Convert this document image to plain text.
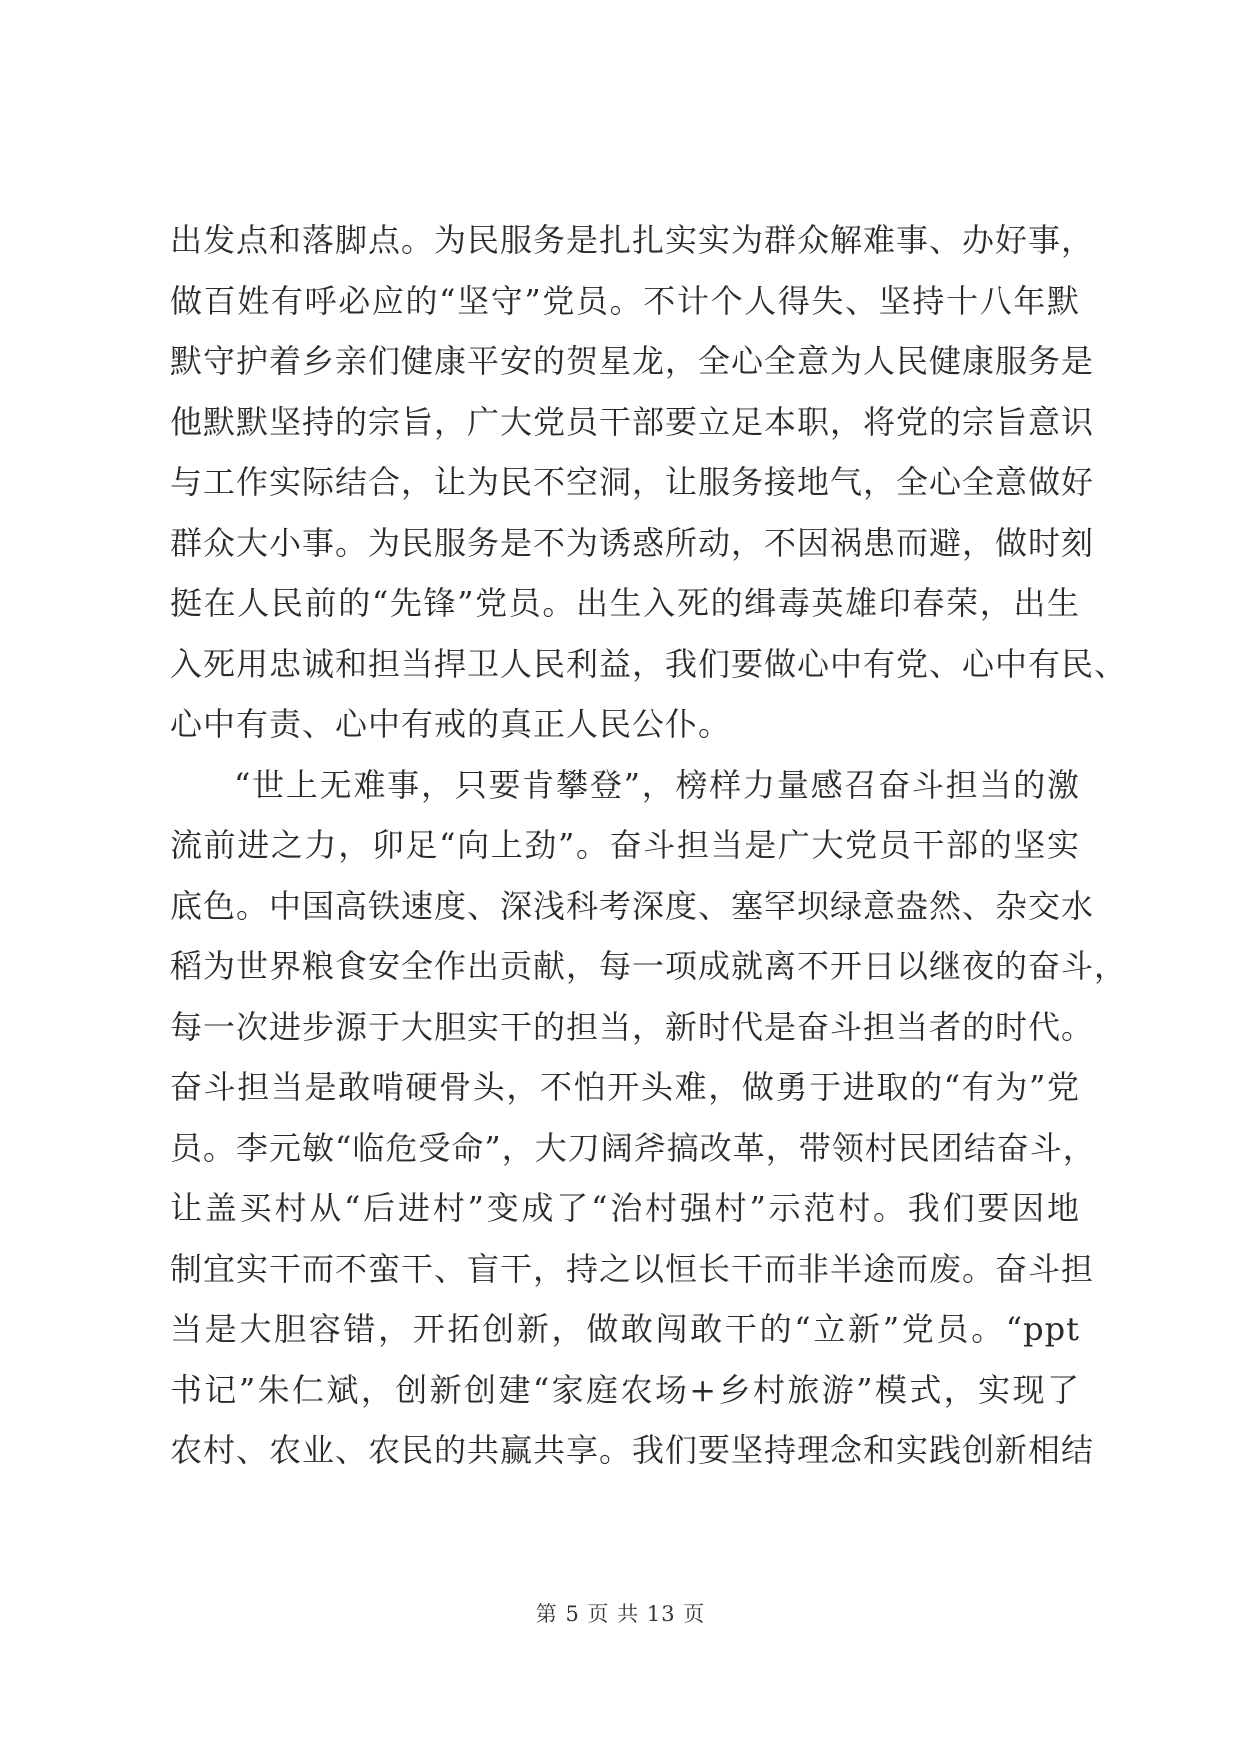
出发点和落脚点。为民服务是扎扎实实为群众解难事、办好事，
做百姓有呼必应的“坚守”党员。不计个人得失、坚持十八年默
默守护着乡亲们健康平安的贺星龙，全心全意为人民健康服务是
他默默坚持的宗旨，广大党员干部要立足本职，将党的宗旨意识
与工作实际结合，让为民不空洞，让服务接地气，全心全意做好
群众大小事。为民服务是不为诱惑所动，不因祸患而避，做时刻
挺在人民前的“先锋”党员。出生入死的缉毒英雄印春荣，出生
入死用忠诚和担当捍卫人民利益，我们要做心中有党、心中有民、
心中有责、心中有戒的真正人民公仆。
“世上无难事，只要肯攀登”，榜样力量感召奋斗担当的激
流前进之力，卯足“向上劲”。奋斗担当是广大党员干部的坚实
底色。中国高铁速度、深浅科考深度、塞罕坝绿意盎然、杂交水
稻为世界粮食安全作出贡献，每一项成就离不开日以继夜的奋斗，
每一次进步源于大胆实干的担当，新时代是奋斗担当者的时代。
奋斗担当是敢啃硬骨头，不怕开头难，做勇于进取的“有为”党
员。李元敏“临危受命”，大刀阔斧搞改革，带领村民团结奋斗，
让盖买村从“后进村”变成了“治村强村”示范村。我们要因地
制宜实干而不蛮干、盲干，持之以恒长干而非半途而废。奋斗担
当是大胆容错，开拓创新，做敢闯敢干的“立新”党员。“ppt
书记”朱仁斌，创新创建“家庭农场+乡村旅游”模式，实现了
农村、农业、农民的共赢共享。我们要坚持理念和实践创新相结
第 5 页 共 13 页
